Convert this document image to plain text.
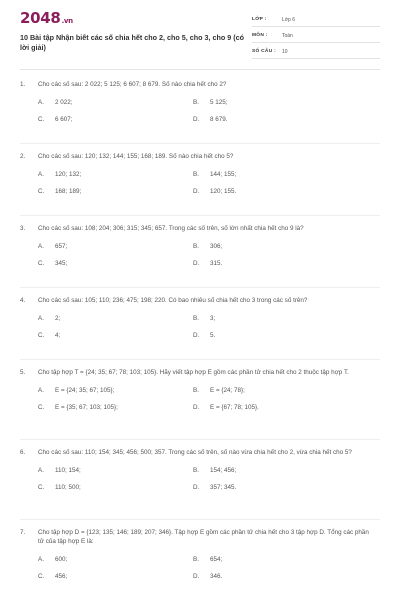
2048.vn
10 Bài tập Nhận biết các số chia hết cho 2, cho 5, cho 3, cho 9 (có lời giải)
LỚP :	Lớp 6
MÔN :	Toán
SỐ CÂU :	10
1.	Cho các số sau: 2 022; 5 125; 6 607; 8 679. Số nào chia hết cho 2?
A.	2 022;	B.	5 125;
C.	6 607;	D.	8 679.
2.	Cho các số sau: 120; 132; 144; 155; 168; 189. Số nào chia hết cho 5?
A.	120; 132;	B.	144; 155;
C.	168; 189;	D.	120; 155.
3.	Cho các số sau: 108; 204; 306; 315; 345; 657. Trong các số trên, số lớn nhất chia hết cho 9 là?
A.	657;	B.	306;
C.	345;	D.	315.
4.	Cho các số sau: 105; 110; 236; 475; 198; 220. Có bao nhiêu số chia hết cho 3 trong các số trên?
A.	2;	B.	3;
C.	4;	D.	5.
5.	Cho tập hợp T = {24; 35; 67; 78; 103; 105}. Hãy viết tập hợp E gồm các phần tử chia hết cho 2 thuộc tập hợp T.
A.	E = {24; 35; 67; 105};	B.	E = {24; 78};
C.	E = {35; 67; 103; 105};	D.	E = {67; 78; 105}.
6.	Cho các số sau: 110; 154; 345; 456; 500; 357. Trong các số trên, số nào vừa chia hết cho 2, vừa chia hết cho 5?
A.	110; 154;	B.	154; 456;
C.	110; 500;	D.	357; 345.
7.	Cho tập hợp D = {123; 135; 146; 189; 207; 346}. Tập hợp E gồm các phần tử chia hết cho 3 tập hợp D. Tổng các phần tử của tập hợp E là:
A.	600;	B.	654;
C.	456;	D.	346.
